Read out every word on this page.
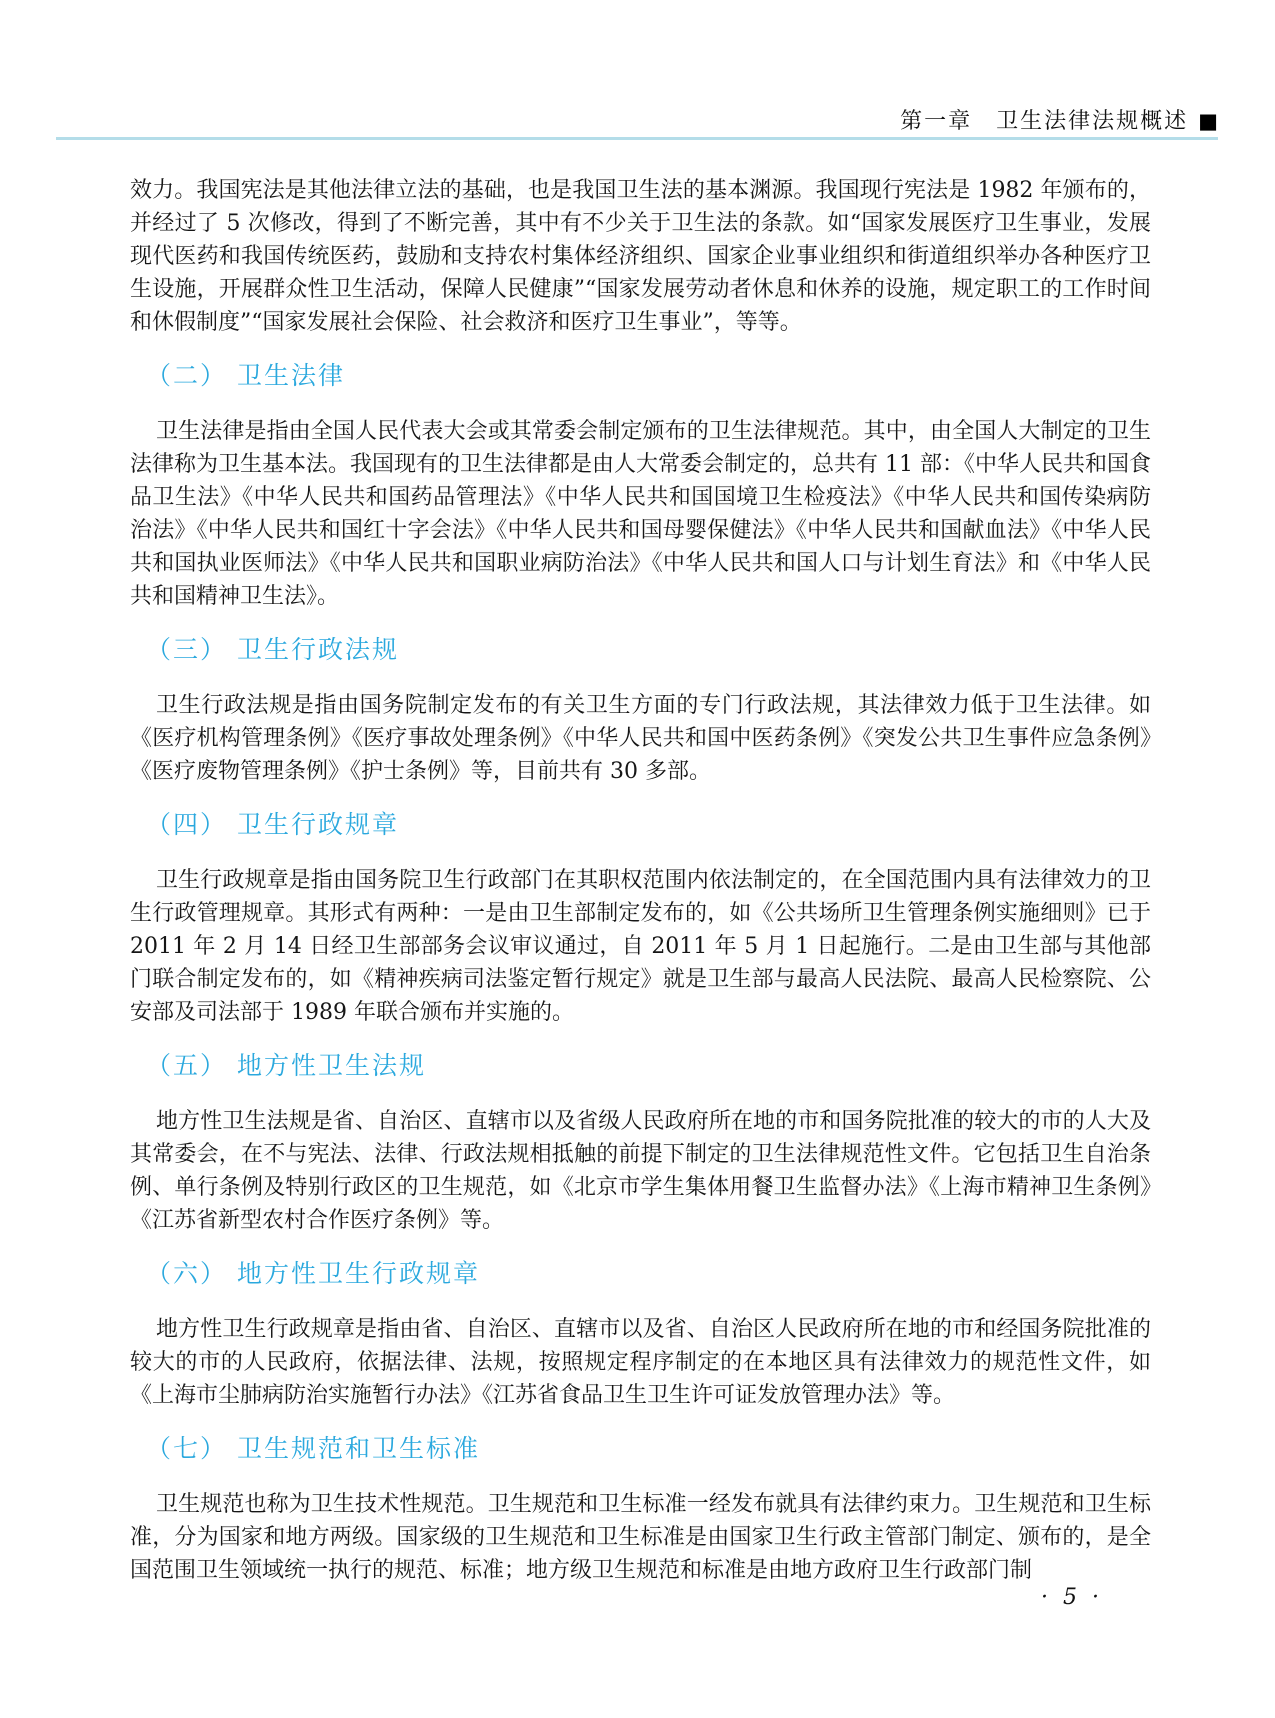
第一章　卫生法律法规概述 ■

效力。我国宪法是其他法律立法的基础，也是我国卫生法的基本渊源。我国现行宪法是 1982 年颁布的，并经过了 5 次修改，得到了不断完善，其中有不少关于卫生法的条款。如“国家发展医疗卫生事业，发展现代医药和我国传统医药，鼓励和支持农村集体经济组织、国家企业事业组织和街道组织举办各种医疗卫生设施，开展群众性卫生活动，保障人民健康”“国家发展劳动者休息和休养的设施，规定职工的工作时间和休假制度”“国家发展社会保险、社会救济和医疗卫生事业”，等等。

（二） 卫生法律

卫生法律是指由全国人民代表大会或其常委会制定颁布的卫生法律规范。其中，由全国人大制定的卫生法律称为卫生基本法。我国现有的卫生法律都是由人大常委会制定的，总共有 11 部：《中华人民共和国食品卫生法》《中华人民共和国药品管理法》《中华人民共和国国境卫生检疫法》《中华人民共和国传染病防治法》《中华人民共和国红十字会法》《中华人民共和国母婴保健法》《中华人民共和国献血法》《中华人民共和国执业医师法》《中华人民共和国职业病防治法》《中华人民共和国人口与计划生育法》和《中华人民共和国精神卫生法》。

（三） 卫生行政法规

卫生行政法规是指由国务院制定发布的有关卫生方面的专门行政法规，其法律效力低于卫生法律。如《医疗机构管理条例》《医疗事故处理条例》《中华人民共和国中医药条例》《突发公共卫生事件应急条例》《医疗废物管理条例》《护士条例》等，目前共有 30 多部。

（四） 卫生行政规章

卫生行政规章是指由国务院卫生行政部门在其职权范围内依法制定的，在全国范围内具有法律效力的卫生行政管理规章。其形式有两种：一是由卫生部制定发布的，如《公共场所卫生管理条例实施细则》已于 2011 年 2 月 14 日经卫生部部务会议审议通过，自 2011 年 5 月 1 日起施行。二是由卫生部与其他部门联合制定发布的，如《精神疾病司法鉴定暂行规定》就是卫生部与最高人民法院、最高人民检察院、公安部及司法部于 1989 年联合颁布并实施的。

（五） 地方性卫生法规

地方性卫生法规是省、自治区、直辖市以及省级人民政府所在地的市和国务院批准的较大的市的人大及其常委会，在不与宪法、法律、行政法规相抵触的前提下制定的卫生法律规范性文件。它包括卫生自治条例、单行条例及特别行政区的卫生规范，如《北京市学生集体用餐卫生监督办法》《上海市精神卫生条例》《江苏省新型农村合作医疗条例》等。

（六） 地方性卫生行政规章

地方性卫生行政规章是指由省、自治区、直辖市以及省、自治区人民政府所在地的市和经国务院批准的较大的市的人民政府，依据法律、法规，按照规定程序制定的在本地区具有法律效力的规范性文件，如《上海市尘肺病防治实施暂行办法》《江苏省食品卫生卫生许可证发放管理办法》等。

（七） 卫生规范和卫生标准

卫生规范也称为卫生技术性规范。卫生规范和卫生标准一经发布就具有法律约束力。卫生规范和卫生标准，分为国家和地方两级。国家级的卫生规范和卫生标准是由国家卫生行政主管部门制定、颁布的，是全国范围卫生领域统一执行的规范、标准；地方级卫生规范和标准是由地方政府卫生行政部门制

· 5 ·
